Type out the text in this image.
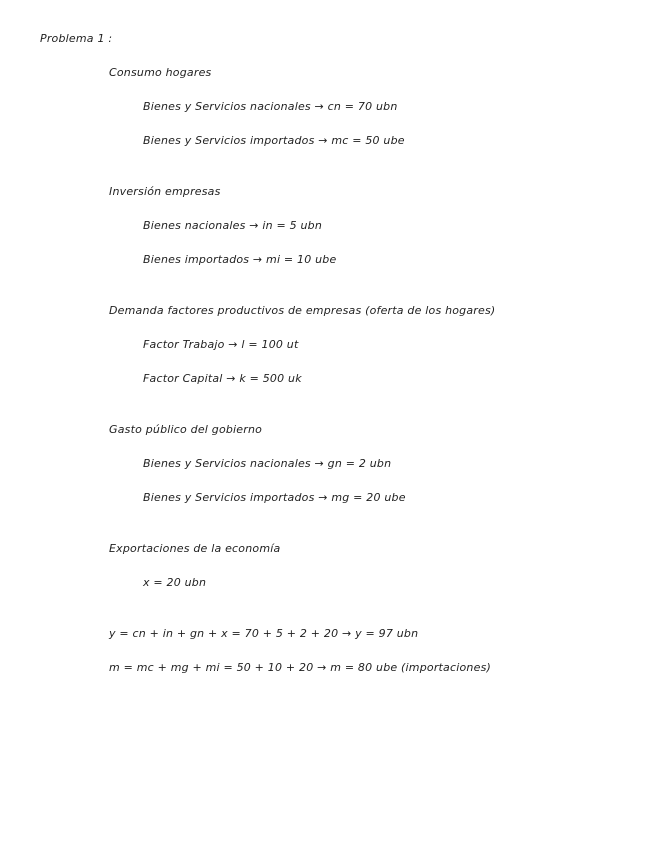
Problema 1 :
Consumo hogares
Bienes y Servicios nacionales → cn = 70 ubn
Bienes y Servicios importados → mc = 50 ube
Inversión empresas
Bienes nacionales → in = 5 ubn
Bienes importados → mi = 10 ube
Demanda factores productivos de empresas (oferta de los hogares)
Factor Trabajo → l = 100 ut
Factor Capital → k = 500 uk
Gasto público del gobierno
Bienes y Servicios nacionales → gn = 2 ubn
Bienes y Servicios importados → mg = 20 ube
Exportaciones de la economía
x = 20 ubn
y = cn + in + gn + x = 70 + 5 + 2 + 20 → y = 97 ubn
m = mc + mg + mi = 50 + 10 + 20 → m = 80 ube (importaciones)
